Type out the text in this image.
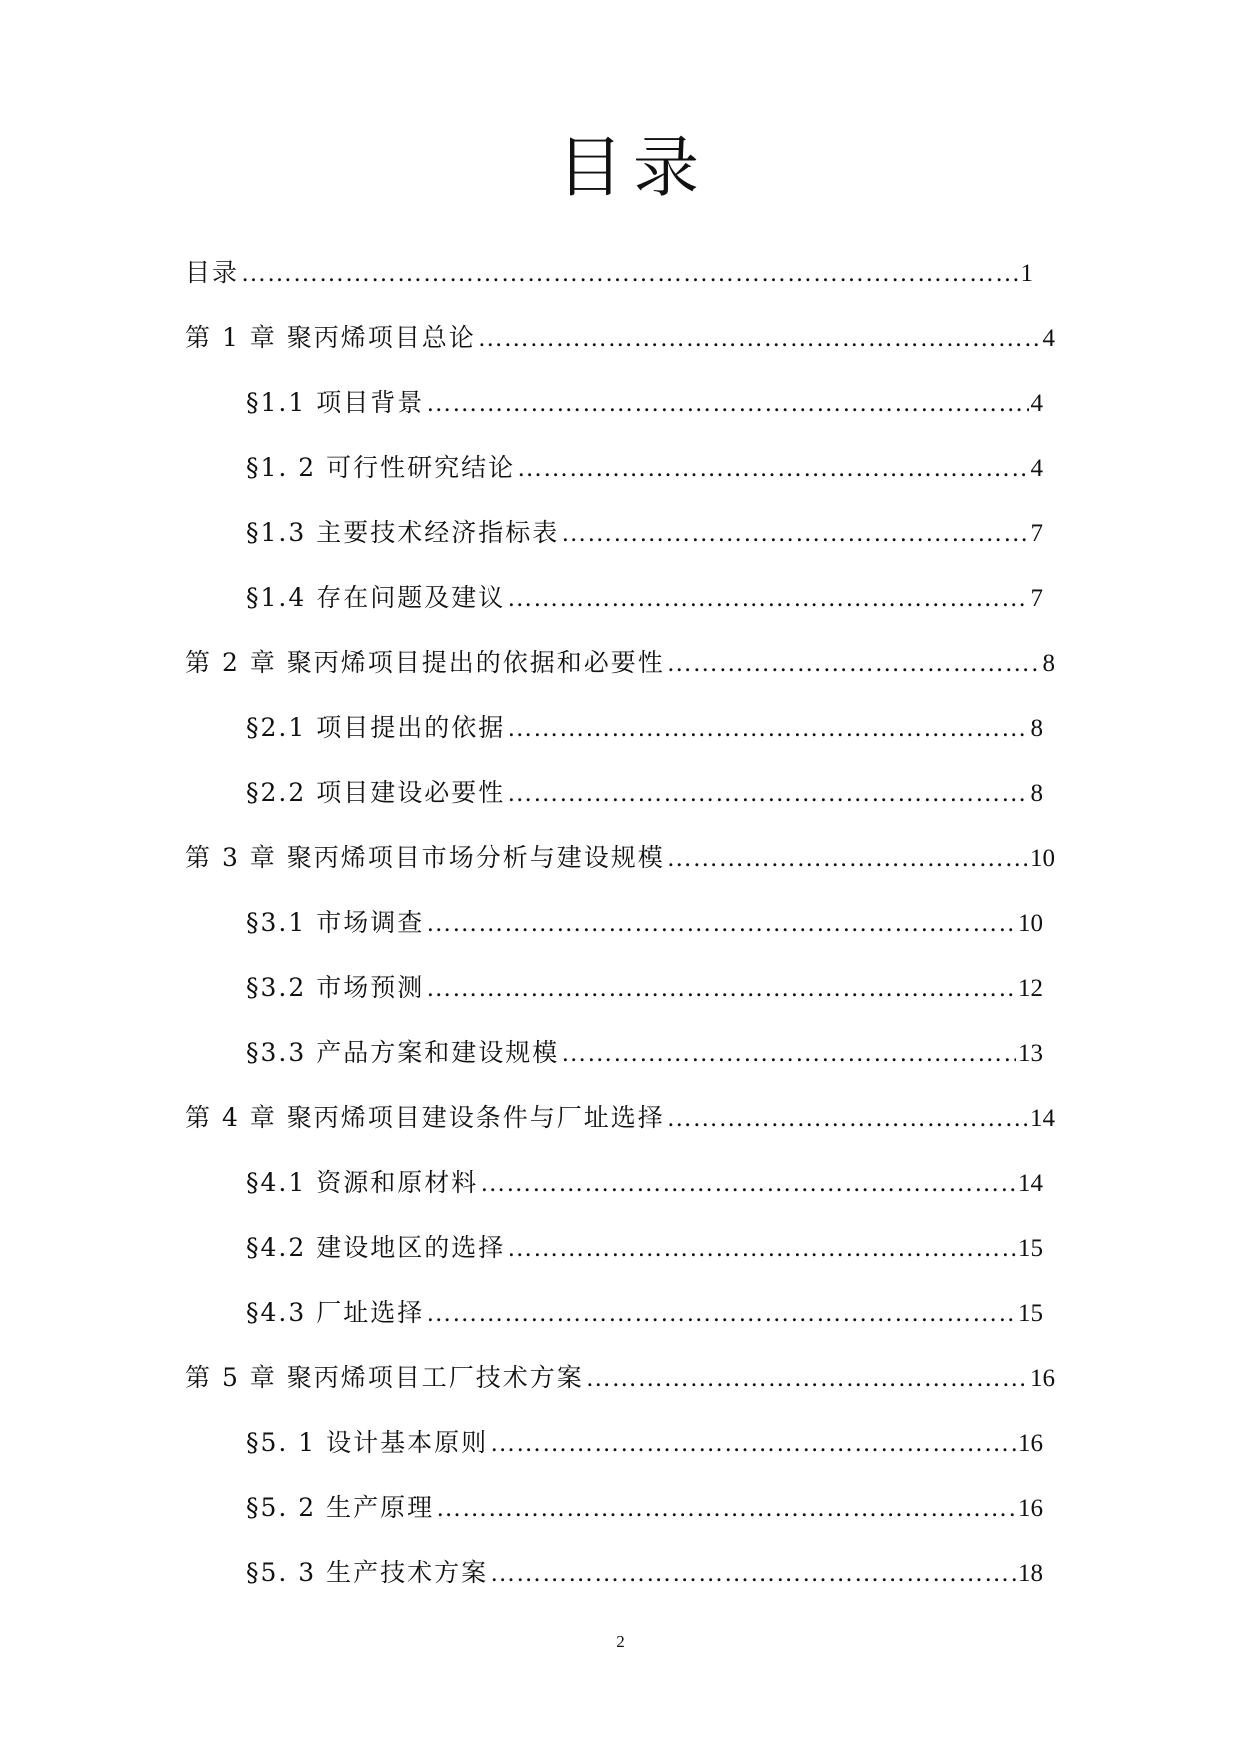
目录
目录 ………………………………………………………………………………………………………………………………	1
第 1 章 聚丙烯项目总论 ………………………………………………………………………………………………………………………………	4
§1.1 项目背景 ………………………………………………………………………………………………………………………………	4
§1. 2 可行性研究结论 ………………………………………………………………………………………………………………………………	4
§1.3 主要技术经济指标表 ………………………………………………………………………………………………………………………………	7
§1.4 存在问题及建议 ………………………………………………………………………………………………………………………………	7
第 2 章 聚丙烯项目提出的依据和必要性 ………………………………………………………………………………………………………………………………	8
§2.1 项目提出的依据 ………………………………………………………………………………………………………………………………	8
§2.2 项目建设必要性 ………………………………………………………………………………………………………………………………	8
第 3 章 聚丙烯项目市场分析与建设规模 ………………………………………………………………………………………………………………………………	10
§3.1 市场调查 ………………………………………………………………………………………………………………………………	10
§3.2 市场预测 ………………………………………………………………………………………………………………………………	12
§3.3 产品方案和建设规模 ………………………………………………………………………………………………………………………………	13
第 4 章 聚丙烯项目建设条件与厂址选择 ………………………………………………………………………………………………………………………………	14
§4.1 资源和原材料 ………………………………………………………………………………………………………………………………	14
§4.2 建设地区的选择 ………………………………………………………………………………………………………………………………	15
§4.3 厂址选择 ………………………………………………………………………………………………………………………………	15
第 5 章 聚丙烯项目工厂技术方案 ………………………………………………………………………………………………………………………………	16
§5. 1 设计基本原则 ………………………………………………………………………………………………………………………………	16
§5. 2 生产原理 ………………………………………………………………………………………………………………………………	16
§5. 3 生产技术方案 ………………………………………………………………………………………………………………………………	18
2
